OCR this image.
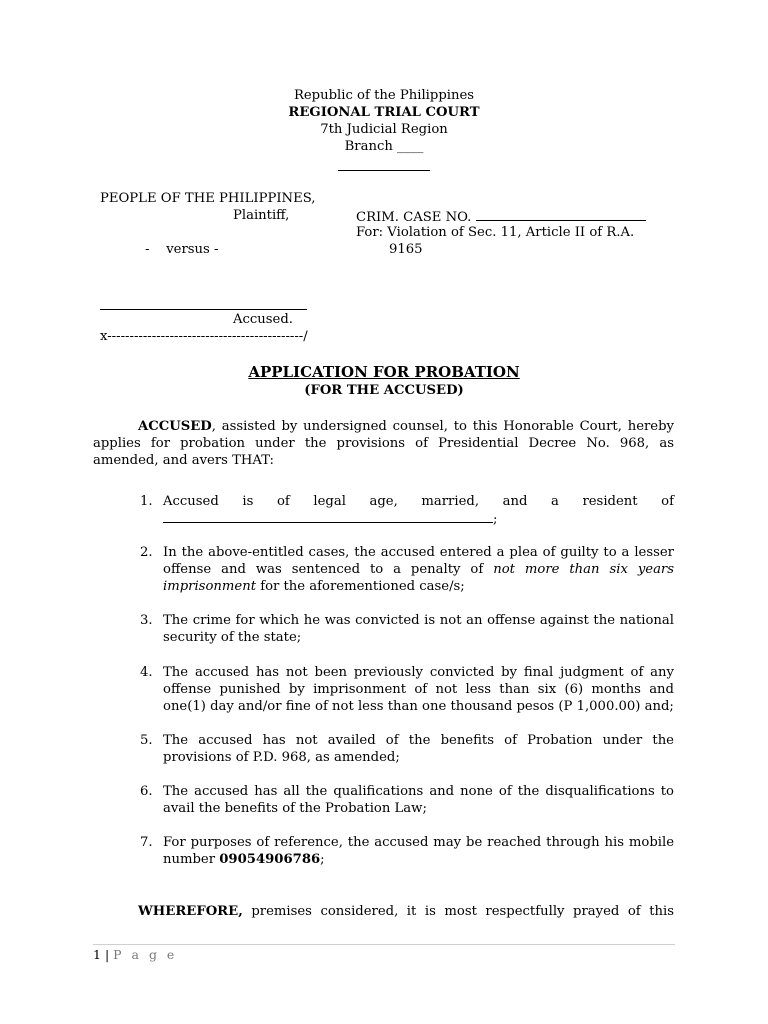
Republic of the Philippines
REGIONAL TRIAL COURT
7th Judicial Region
Branch ____
PEOPLE OF THE PHILIPPINES,
Plaintiff,	CRIM. CASE NO.
For: Violation of Sec. 11, Article II of R.A.
9165
-    versus -
Accused.
x--------------------------------------------/
APPLICATION FOR PROBATION
(FOR THE ACCUSED)
ACCUSED, assisted by undersigned counsel, to this Honorable Court, hereby applies for probation under the provisions of Presidential Decree No. 968, as amended, and avers THAT:
1. Accused is of legal age, married, and a resident of
;
2. In the above-entitled cases, the accused entered a plea of guilty to a lesser offense and was sentenced to a penalty of not more than six years imprisonment for the aforementioned case/s;
3. The crime for which he was convicted is not an offense against the national security of the state;
4. The accused has not been previously convicted by final judgment of any offense punished by imprisonment of not less than six (6) months and one(1) day and/or fine of not less than one thousand pesos (P 1,000.00) and;
5. The accused has not availed of the benefits of Probation under the provisions of P.D. 968, as amended;
6. The accused has all the qualifications and none of the disqualifications to avail the benefits of the Probation Law;
7. For purposes of reference, the accused may be reached through his mobile number 09054906786;
WHEREFORE, premises considered, it is most respectfully prayed of this
1 | P a g e
